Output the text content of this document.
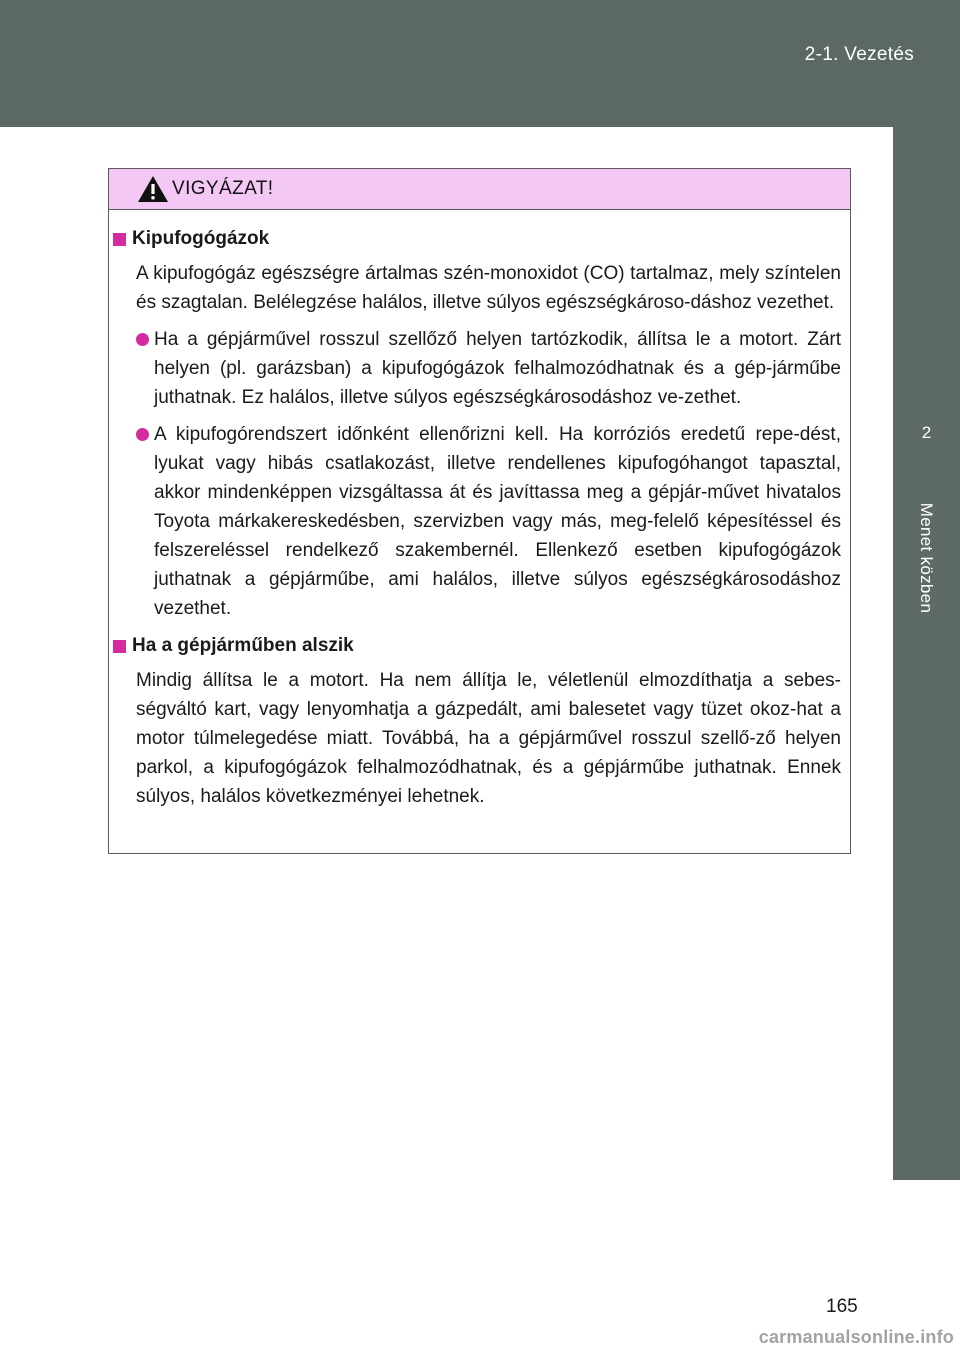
2-1. Vezetés
2
Menet közben
VIGYÁZAT!
Kipufogógázok

A kipufogógáz egészségre ártalmas szén-monoxidot (CO) tartalmaz, mely színtelen és szagtalan. Belélegzése halálos, illetve súlyos egészségkároso-dáshoz vezethet.

Ha a gépjárművel rosszul szellőző helyen tartózkodik, állítsa le a motort. Zárt helyen (pl. garázsban) a kipufogógázok felhalmozódhatnak és a gép-járműbe juthatnak. Ez halálos, illetve súlyos egészségkárosodáshoz ve-zethet.
A kipufogórendszert időnként ellenőrizni kell. Ha korróziós eredetű repe-dést, lyukat vagy hibás csatlakozást, illetve rendellenes kipufogóhangot tapasztal, akkor mindenképpen vizsgáltassa át és javíttassa meg a gépjár-művet hivatalos Toyota márkakereskedésben, szervizben vagy más, meg-felelő képesítéssel és felszereléssel rendelkező szakembernél. Ellenkező esetben kipufogógázok juthatnak a gépjárműbe, ami halálos, illetve súlyos egészségkárosodáshoz vezethet.
Ha a gépjárműben alszik

Mindig állítsa le a motort. Ha nem állítja le, véletlenül elmozdíthatja a sebes-ségváltó kart, vagy lenyomhatja a gázpedált, ami balesetet vagy tüzet okoz-hat a motor túlmelegedése miatt. Továbbá, ha a gépjárművel rosszul szellő-ző helyen parkol, a kipufogógázok felhalmozódhatnak, és a gépjárműbe juthatnak. Ennek súlyos, halálos következményei lehetnek.

165
carmanualsonline.info
